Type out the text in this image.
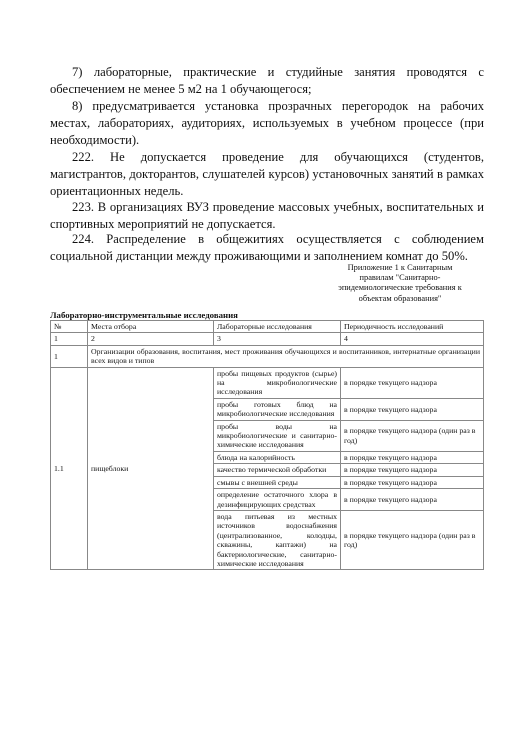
7) лабораторные, практические и студийные занятия проводятся с обеспечением не менее 5 м2 на 1 обучающегося;

8) предусматривается установка прозрачных перегородок на рабочих местах, лабораториях, аудиториях, используемых в учебном процессе (при необходимости).

222. Не допускается проведение для обучающихся (студентов, магистрантов, докторантов, слушателей курсов) установочных занятий в рамках ориентационных недель.

223. В организациях ВУЗ проведение массовых учебных, воспитательных и спортивных мероприятий не допускается.

224. Распределение в общежитиях осуществляется с соблюдением социальной дистанции между проживающими и заполнением комнат до 50%.

Приложение 1 к Санитарным правилам "Санитарно-эпидемиологические требования к объектам образования"

Лабораторно-инструментальные исследования

№	Места отбора	Лабораторные исследования	Периодичность исследований
1	2	3	4
1	Организации образования, воспитания, мест проживания обучающихся и воспитанников, интернатные организации всех видов и типов		
1.1	пищеблоки	пробы пищевых продуктов (сырье) на микробиологические исследования	в порядке текущего надзора
		пробы готовых блюд на микробиологические исследования	в порядке текущего надзора
		пробы воды на микробиологические и санитарно-химические исследования	в порядке текущего надзора (один раз в год)
		блюда на калорийность	в порядке текущего надзора
		качество термической обработки	в порядке текущего надзора
		смывы с внешней среды	в порядке текущего надзора
		определение остаточного хлора в дезинфицирующих средствах	в порядке текущего надзора
		вода питьевая из местных источников водоснабжения (централизованное, колодцы, скважины, каптажи) на бактериологические, санитарно-химические исследования	в порядке текущего надзора (один раз в год)
